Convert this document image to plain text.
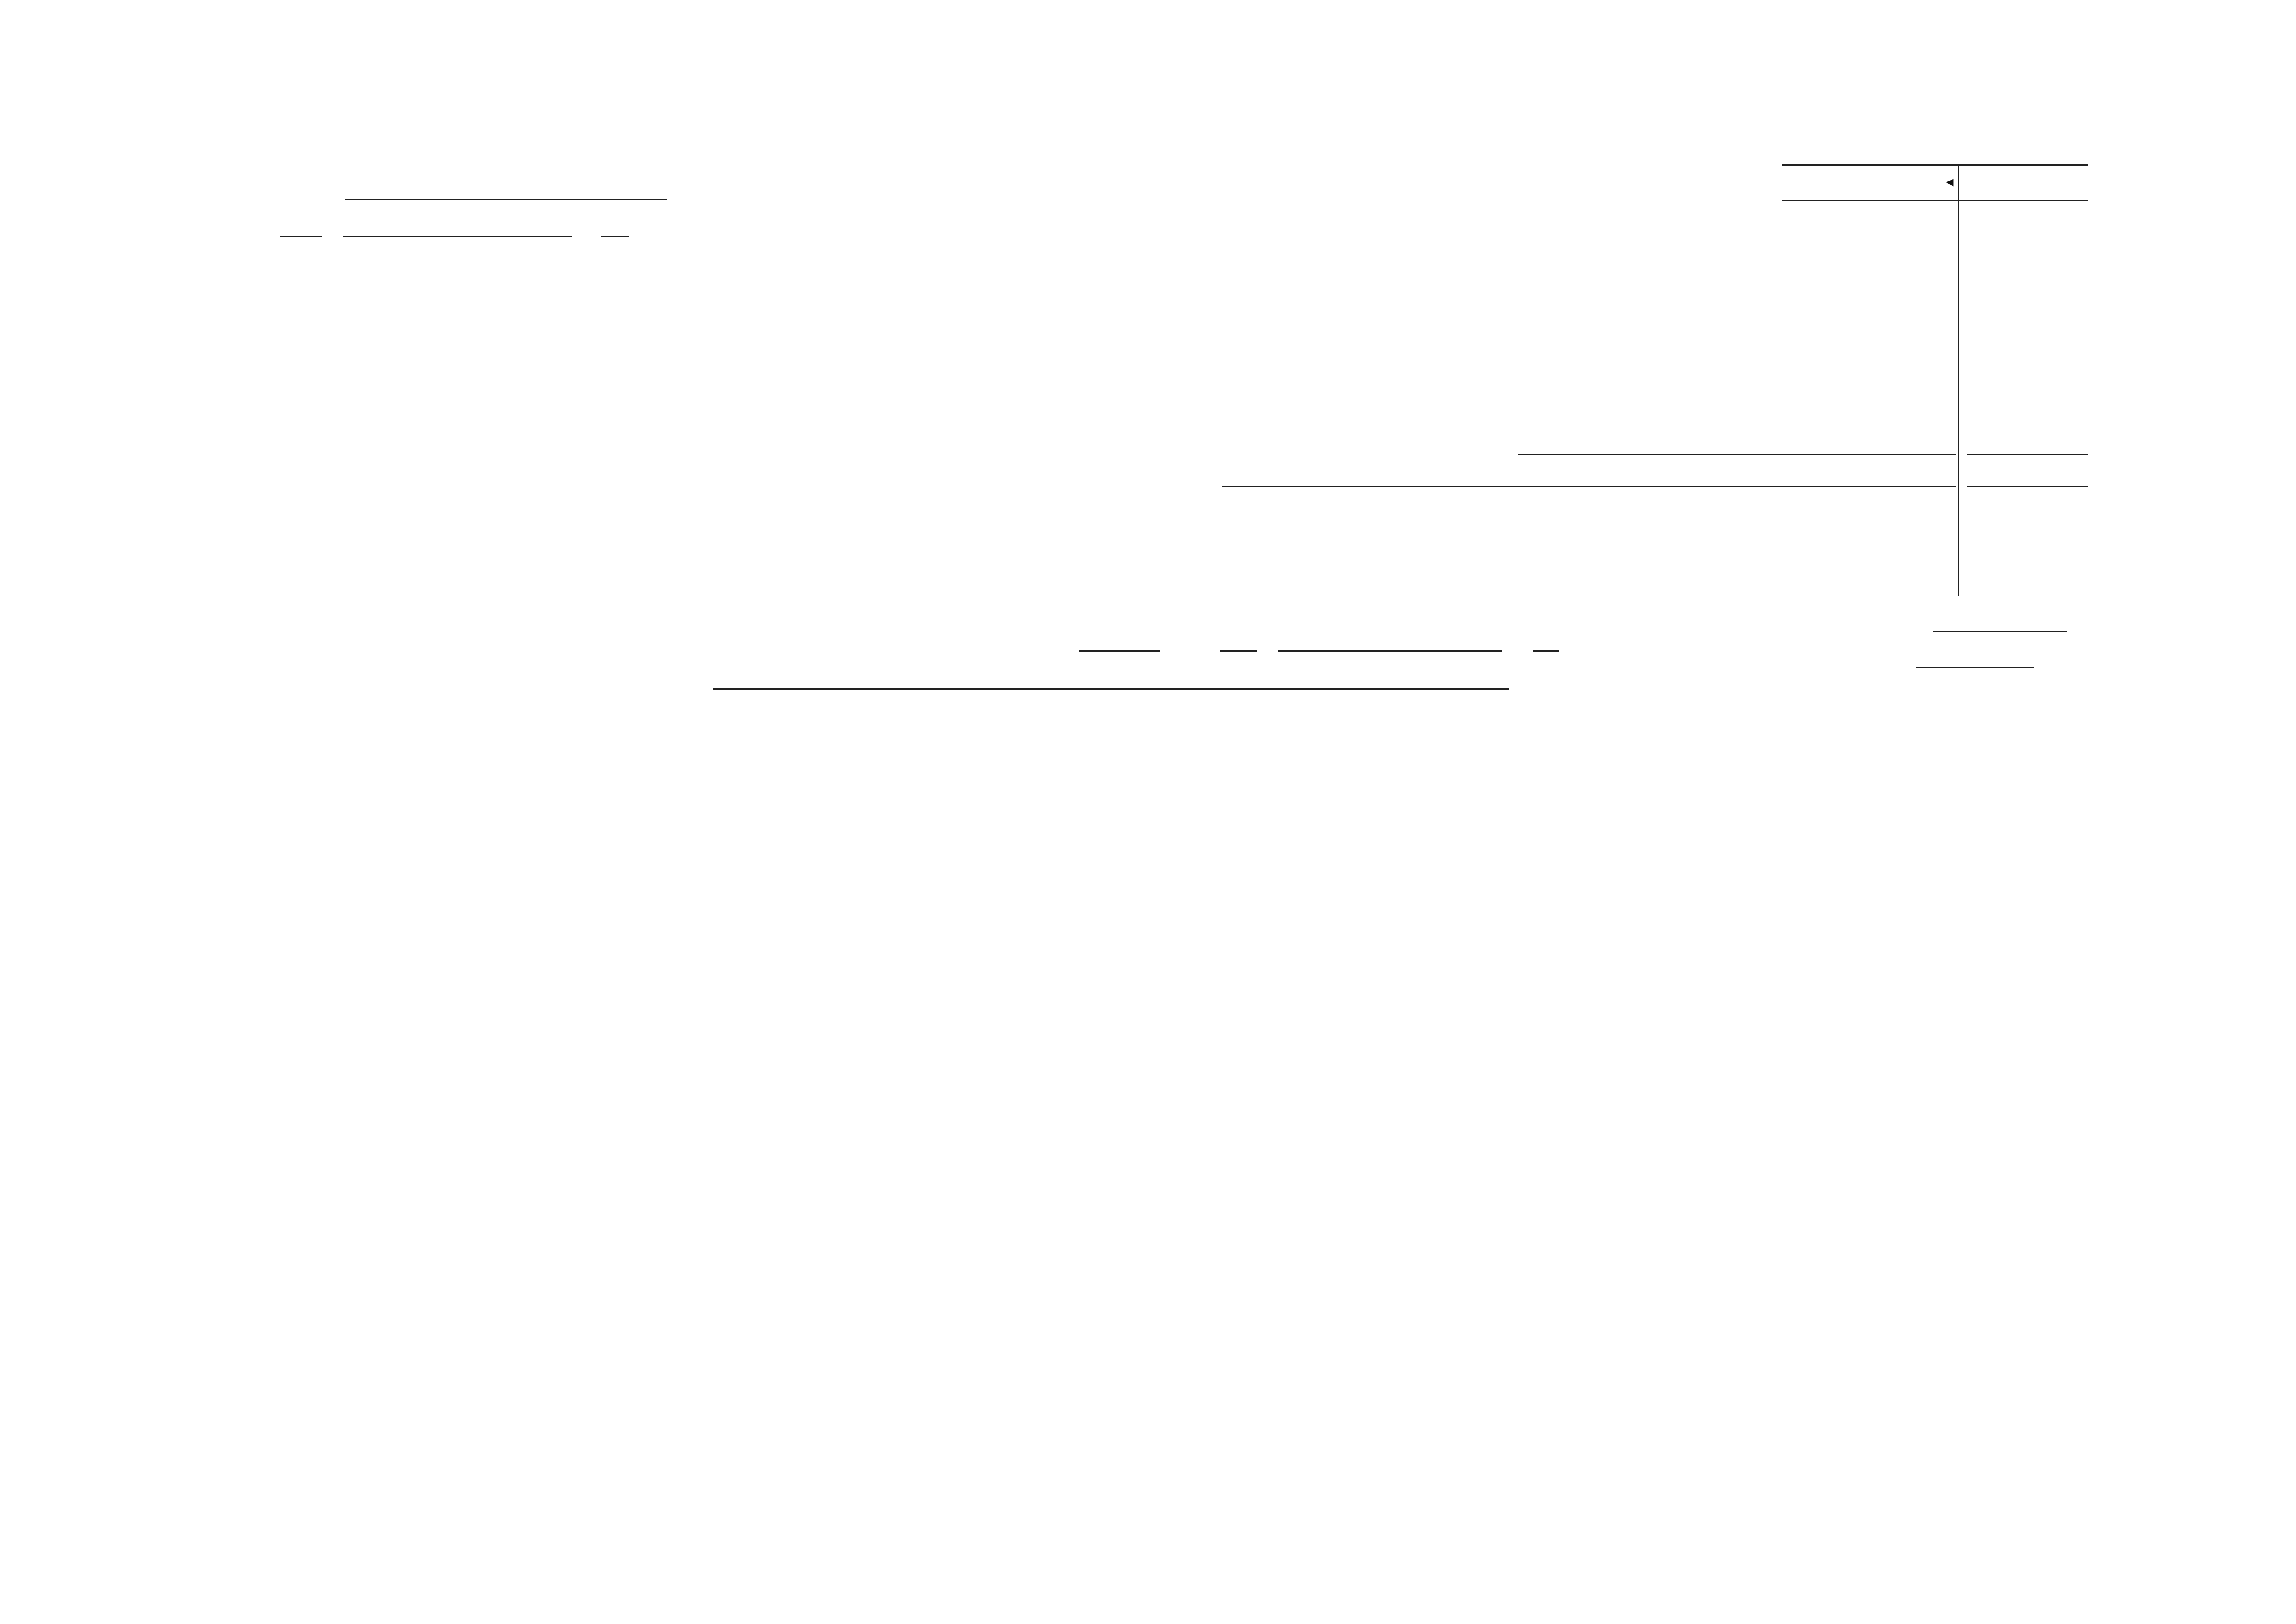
◂
